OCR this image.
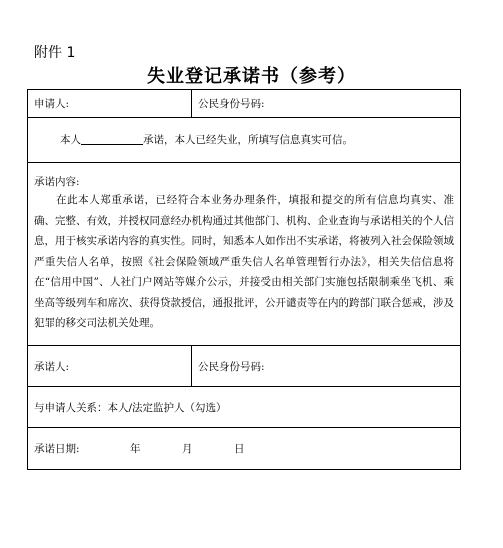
附件 1
失业登记承诺书（参考）
申请人:	公民身份号码:
本人 承诺，本人已经失业，所填写信息真实可信。	

承诺内容:
在此本人郑重承诺，已经符合本业务办理条件，填报和提交的所有信息均真实、准确、完整、有效，并授权同意经办机构通过其他部门、机构、企业查询与承诺相关的个人信息，用于核实承诺内容的真实性。同时，知悉本人如作出不实承诺，将被列入社会保险领域严重失信人名单，按照《社会保险领域严重失信人名单管理暂行办法》，相关失信信息将在“信用中国”、人社门户网站等媒介公示，并接受由相关部门实施包括限制乘坐飞机、乘坐高等级列车和席次、获得贷款授信，通报批评，公开谴责等在内的跨部门联合惩戒，涉及犯罪的移交司法机关处理。	

承诺人:	公民身份号码:
与申请人关系：本人/法定监护人（勾选）	
承诺日期: 年 月 日	
